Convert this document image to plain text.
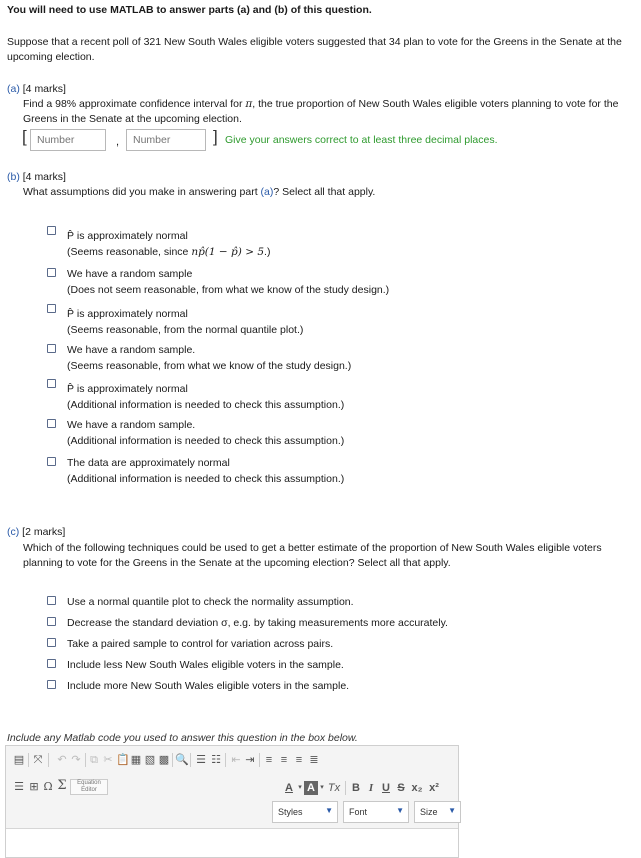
You will need to use MATLAB to answer parts (a) and (b) of this question.
Suppose that a recent poll of 321 New South Wales eligible voters suggested that 34 plan to vote for the Greens in the Senate at the upcoming election.
(a) [4 marks]
Find a 98% approximate confidence interval for π, the true proportion of New South Wales eligible voters planning to vote for the Greens in the Senate at the upcoming election.
[
Number	,
Number	] Give your answers correct to at least three decimal places.
(b) [4 marks]
What assumptions did you make in answering part (a)? Select all that apply.
P̂ is approximately normal
(Seems reasonable, since np̂(1 − p̂) > 5.)
We have a random sample
(Does not seem reasonable, from what we know of the study design.)
P̂ is approximately normal
(Seems reasonable, from the normal quantile plot.)
We have a random sample.
(Seems reasonable, from what we know of the study design.)
P̂ is approximately normal
(Additional information is needed to check this assumption.)
We have a random sample.
(Additional information is needed to check this assumption.)
The data are approximately normal
(Additional information is needed to check this assumption.)
(c) [2 marks]
Which of the following techniques could be used to get a better estimate of the proportion of New South Wales eligible voters planning to vote for the Greens in the Senate at the upcoming election? Select all that apply.
Use a normal quantile plot to check the normality assumption.
Decrease the standard deviation σ, e.g. by taking measurements more accurately.
Take a paired sample to control for variation across pairs.
Include less New South Wales eligible voters in the sample.
Include more New South Wales eligible voters in the sample.
Include any Matlab code you used to answer this question in the box below.
▤ ⤧ ↶ ↷ ⧉ ✂ 📋 ▦ ▧ ▩ 🔍 ☰ ☷ ⇤ ⇥ ≡ ≡ ≡ ≣
☰ ⊞ Ω Σ	Equation
Editor	A ▾ A ▾ Tx B I U S x₂ x²
Styles	▼	Font	▼	Size ▼
